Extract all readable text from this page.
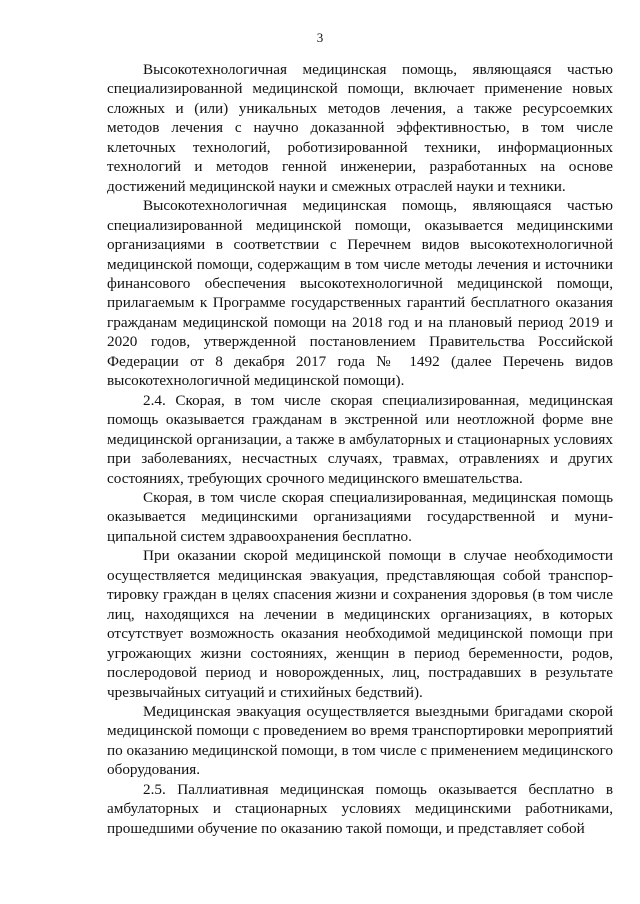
3

Высокотехнологичная медицинская помощь, являющаяся частью специализированной медицинской помощи, включает применение новых сложных и (или) уникальных методов лечения, а также ресурсоемких методов лечения с научно доказанной эффективностью, в том числе клеточных технологий, роботизированной техники, информационных технологий и методов генной инженерии, разработанных на основе достижений медицинской науки и смежных отраслей науки и техники.

Высокотехнологичная медицинская помощь, являющаяся частью специализированной медицинской помощи, оказывается медицинскими организациями в соответствии с Перечнем видов высокотехнологичной медицинской помощи, содержащим в том числе методы лечения и источники финансового обеспечения высокотехнологичной медицинской помощи, прилагаемым к Программе государственных гарантий бесплатного оказания гражданам медицинской помощи на 2018 год и на плановый период 2019 и 2020 годов, утвержденной постановлением Правительства Российской Федерации от 8 декабря 2017 года № 1492 (далее Перечень видов высокотехнологичной медицинской помощи).

2.4. Скорая, в том числе скорая специализированная, медицинская помощь оказывается гражданам в экстренной или неотложной форме вне медицинской организации, а также в амбулаторных и стационарных условиях при заболеваниях, несчастных случаях, травмах, отравлениях и других состояниях, требующих срочного медицинского вмешательства.

Скорая, в том числе скорая специализированная, медицинская помощь оказывается медицинскими организациями государственной и муниципальной систем здравоохранения бесплатно.

При оказании скорой медицинской помощи в случае необходимости осуществляется медицинская эвакуация, представляющая собой транспортировку граждан в целях спасения жизни и сохранения здоровья (в том числе лиц, находящихся на лечении в медицинских организациях, в которых отсутствует возможность оказания необходимой медицинской помощи при угрожающих жизни состояниях, женщин в период беременности, родов, послеродовой период и новорожденных, лиц, пострадавших в результате чрезвычайных ситуаций и стихийных бедствий).

Медицинская эвакуация осуществляется выездными бригадами скорой медицинской помощи с проведением во время транспортировки мероприятий по оказанию медицинской помощи, в том числе с применением медицинского оборудования.

2.5. Паллиативная медицинская помощь оказывается бесплатно в амбулаторных и стационарных условиях медицинскими работниками, прошедшими обучение по оказанию такой помощи, и представляет собой
